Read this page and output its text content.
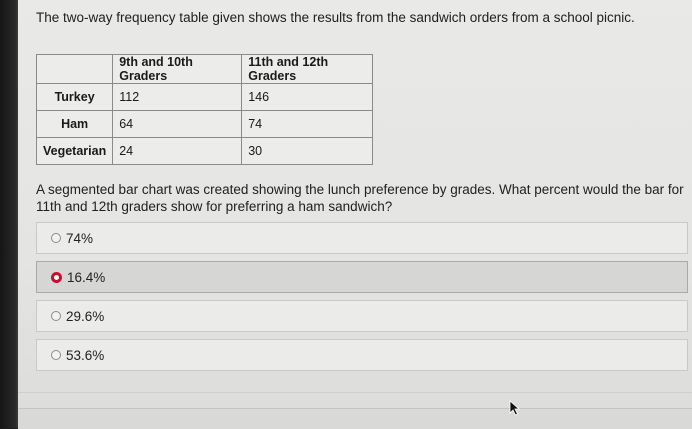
The two-way frequency table given shows the results from the sandwich orders from a school picnic.
	9th and 10th Graders	11th and 12th Graders
Turkey	112	146
Ham	64	74
Vegetarian	24	30
A segmented bar chart was created showing the lunch preference by grades. What percent would the bar for 11th and 12th graders show for preferring a ham sandwich?
74%
16.4%
29.6%
53.6%
